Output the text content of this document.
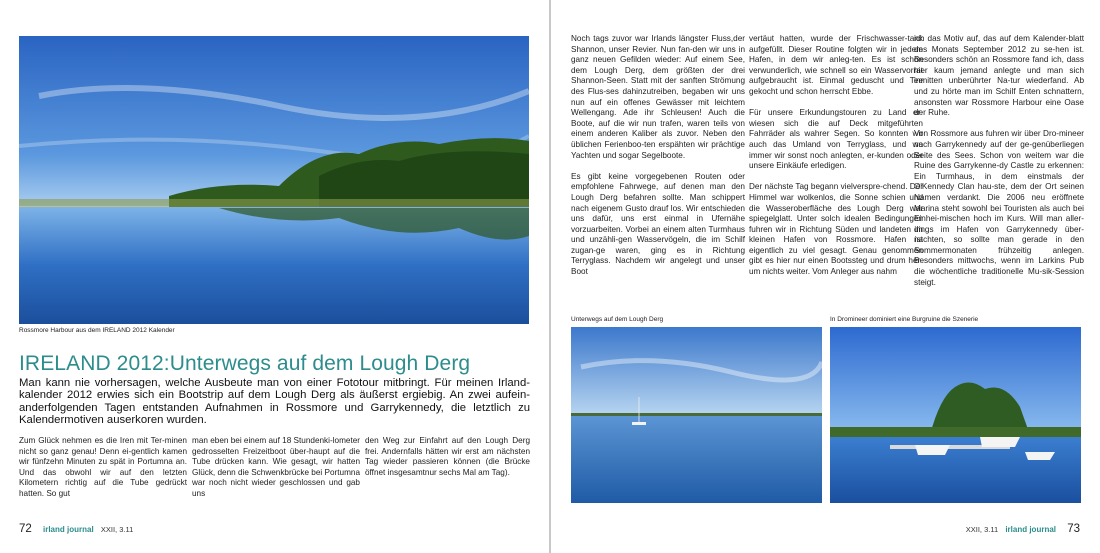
Rossmore Harbour aus dem IRELAND 2012 Kalender
IRELAND 2012:Unterwegs auf dem Lough Derg
Man kann nie vorhersagen, welche Ausbeute man von einer Fototour mitbringt. Für meinen Irland-kalender 2012 erwies sich ein Bootstrip auf dem Lough Derg als äußerst ergiebig. An zwei aufein-anderfolgenden Tagen entstanden Aufnahmen in Rossmore und Garrykennedy, die letztlich zu Kalendermotiven auserkoren wurden.

Zum Glück nehmen es die Iren mit Ter-minen nicht so ganz genau! Denn ei-gentlich kamen wir fünfzehn Minuten zu spät in Portumna an. Und das obwohl wir auf den letzten Kilometern richtig auf die Tube gedrückt hatten. So gut

man eben bei einem auf 18 Stundenki-lometer gedrosselten Freizeitboot über-haupt auf die Tube drücken kann. Wie gesagt, wir hatten Glück, denn die Schwenkbrücke bei Portumna war noch nicht wieder geschlossen und gab uns

den Weg zur Einfahrt auf den Lough Derg frei. Andernfalls hätten wir erst am nächsten Tag wieder passieren können (die Brücke öffnet insgesamtnur sechs Mal am Tag).

72 irland journal XXII, 3.11

Noch tags zuvor war Irlands längster Fluss,der Shannon, unser Revier. Nun fan-den wir uns in ganz neuen Gefilden wieder: Auf einem See, dem Lough Derg, dem größten der drei Shannon-Seen. Statt mit der sanften Strömung des Flus-ses dahinzutreiben, begaben wir uns nun auf ein offenes Gewässer mit leichtem Wellengang. Ade ihr Schleusen! Auch die Boote, auf die wir nun trafen, waren teils von einem anderen Kaliber als zuvor. Neben den üblichen Ferienboo-ten erspähten wir prächtige Yachten und sogar Segelboote.

Es gibt keine vorgegebenen Routen oder empfohlene Fahrwege, auf denen man den Lough Derg befahren sollte. Man schippert nach eigenem Gusto drauf los. Wir entschieden uns dafür, uns erst einmal in Ufernähe vorzuarbeiten. Vorbei an einem alten Turmhaus und unzähli-gen Wasservögeln, die im Schilf zugan-ge waren, ging es in Richtung Terryglass. Nachdem wir angelegt und unser Boot

vertäut hatten, wurde der Frischwasser-tank aufgefüllt. Dieser Routine folgten wir in jedem Hafen, in dem wir anleg-ten. Es ist schon verwunderlich, wie schnell so ein Wasservorrat aufgebraucht ist. Einmal geduscht und Tee gekocht und schon herrscht Ebbe.

Für unsere Erkundungstouren zu Land er-wiesen sich die auf Deck mitgeführten Fahrräder als wahrer Segen. So konnten wir auch das Umland von Terryglass, und wo immer wir sonst noch anlegten, er-kunden oder unsere Einkäufe erledigen.

Der nächste Tag begann vielverspre-chend. Der Himmel war wolkenlos, die Sonne schien und die Wasseroberfläche des Lough Derg war spiegelglatt. Unter solch idealen Bedingungen fuhren wir in Richtung Süden und landeten im kleinen Hafen von Rossmore. Hafen ist eigentlich zu viel gesagt. Genau genommen gibt es hier nur einen Bootssteg und drum her-um nichts weiter. Vom Anleger aus nahm

ich das Motiv auf, das auf dem Kalender-blatt des Monats September 2012 zu se-hen ist. Besonders schön an Rossmore fand ich, dass hier kaum jemand anlegte und man sich inmitten unberührter Na-tur wiederfand. Ab und zu hörte man im Schilf Enten schnattern, ansonsten war Rossmore Harbour eine Oase der Ruhe.

Von Rossmore aus fuhren wir über Dro-mineer nach Garrykennedy auf der ge-genüberliegen Seite des Sees. Schon von weitem war die Ruine des Garrykenne-dy Castle zu erkennen: Ein Turmhaus, in dem einstmals der O'Kennedy Clan hau-ste, dem der Ort seinen Namen verdankt. Die 2006 neu eröffnete Marina steht sowohl bei Touristen als auch bei Einhei-mischen hoch im Kurs. Will man aller-dings im Hafen von Garrykennedy über-nachten, so sollte man gerade in den Sommermonaten frühzeitig anlegen. Besonders mittwochs, wenn im Larkins Pub die wöchentliche traditionelle Mu-sik-Session steigt.

Unterwegs auf dem Lough Derg	In Dromineer dominiert eine Burgruine die Szenerie
XXII, 3.11 irland journal 73
